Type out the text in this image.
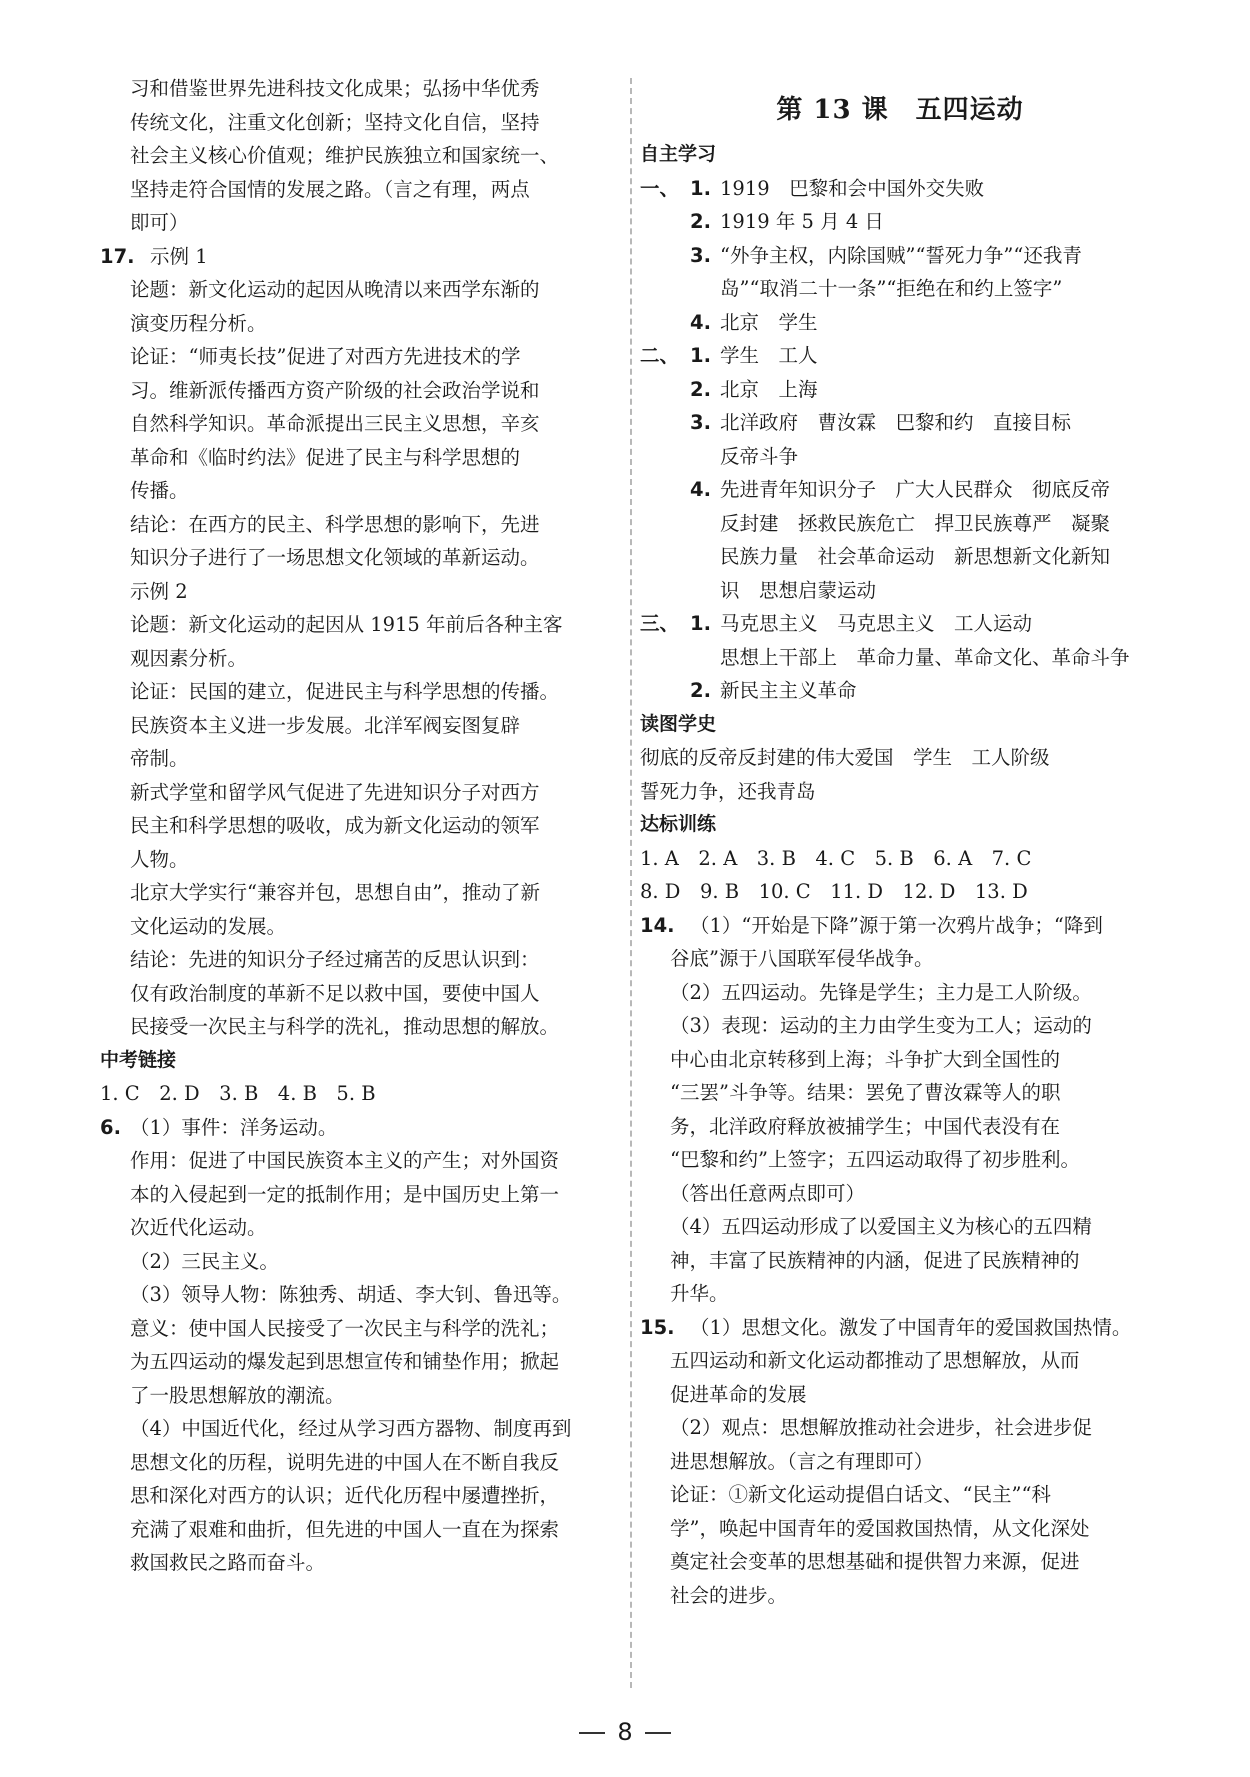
习和借鉴世界先进科技文化成果；弘扬中华优秀
传统文化，注重文化创新；坚持文化自信，坚持
社会主义核心价值观；维护民族独立和国家统一、
坚持走符合国情的发展之路。（言之有理，两点
即可）
17. 示例 1
论题：新文化运动的起因从晚清以来西学东渐的
演变历程分析。
论证：“师夷长技”促进了对西方先进技术的学
习。维新派传播西方资产阶级的社会政治学说和
自然科学知识。革命派提出三民主义思想，辛亥
革命和《临时约法》促进了民主与科学思想的
传播。
结论：在西方的民主、科学思想的影响下，先进
知识分子进行了一场思想文化领域的革新运动。
示例 2
论题：新文化运动的起因从 1915 年前后各种主客
观因素分析。
论证：民国的建立，促进民主与科学思想的传播。
民族资本主义进一步发展。北洋军阀妄图复辟
帝制。
新式学堂和留学风气促进了先进知识分子对西方
民主和科学思想的吸收，成为新文化运动的领军
人物。
北京大学实行“兼容并包，思想自由”，推动了新
文化运动的发展。
结论：先进的知识分子经过痛苦的反思认识到：
仅有政治制度的革新不足以救中国，要使中国人
民接受一次民主与科学的洗礼，推动思想的解放。
中考链接
1. C　2. D　3. B　4. B　5. B
6. （1）事件：洋务运动。
作用：促进了中国民族资本主义的产生；对外国资
本的入侵起到一定的抵制作用；是中国历史上第一
次近代化运动。
（2）三民主义。
（3）领导人物：陈独秀、胡适、李大钊、鲁迅等。
意义：使中国人民接受了一次民主与科学的洗礼；
为五四运动的爆发起到思想宣传和铺垫作用；掀起
了一股思想解放的潮流。
（4）中国近代化，经过从学习西方器物、制度再到
思想文化的历程，说明先进的中国人在不断自我反
思和深化对西方的认识；近代化历程中屡遭挫折，
充满了艰难和曲折，但先进的中国人一直在为探索
救国救民之路而奋斗。
第 13 课　五四运动
自主学习
一、 1. 1919　巴黎和会中国外交失败
2. 1919 年 5 月 4 日
3. “外争主权，内除国贼”“誓死力争”“还我青
岛”“取消二十一条”“拒绝在和约上签字”
4. 北京　学生
二、 1. 学生　工人
2. 北京　上海
3. 北洋政府　曹汝霖　巴黎和约　直接目标
反帝斗争
4. 先进青年知识分子　广大人民群众　彻底反帝
反封建　拯救民族危亡　捍卫民族尊严　凝聚
民族力量　社会革命运动　新思想新文化新知
识　思想启蒙运动
三、 1. 马克思主义　马克思主义　工人运动
思想上干部上　革命力量、革命文化、革命斗争
2. 新民主主义革命
读图学史
彻底的反帝反封建的伟大爱国　学生　工人阶级
誓死力争，还我青岛
达标训练
1. A　2. A　3. B　4. C　5. B　6. A　7. C
8. D　9. B　10. C　11. D　12. D　13. D
14. （1）“开始是下降”源于第一次鸦片战争；“降到
谷底”源于八国联军侵华战争。
（2）五四运动。先锋是学生；主力是工人阶级。
（3）表现：运动的主力由学生变为工人；运动的
中心由北京转移到上海；斗争扩大到全国性的
“三罢”斗争等。结果：罢免了曹汝霖等人的职
务，北洋政府释放被捕学生；中国代表没有在
“巴黎和约”上签字；五四运动取得了初步胜利。
（答出任意两点即可）
（4）五四运动形成了以爱国主义为核心的五四精
神，丰富了民族精神的内涵，促进了民族精神的
升华。
15. （1）思想文化。激发了中国青年的爱国救国热情。
五四运动和新文化运动都推动了思想解放，从而
促进革命的发展
（2）观点：思想解放推动社会进步，社会进步促
进思想解放。（言之有理即可）
论证：①新文化运动提倡白话文、“民主”“科
学”，唤起中国青年的爱国救国热情，从文化深处
奠定社会变革的思想基础和提供智力来源，促进
社会的进步。
8
